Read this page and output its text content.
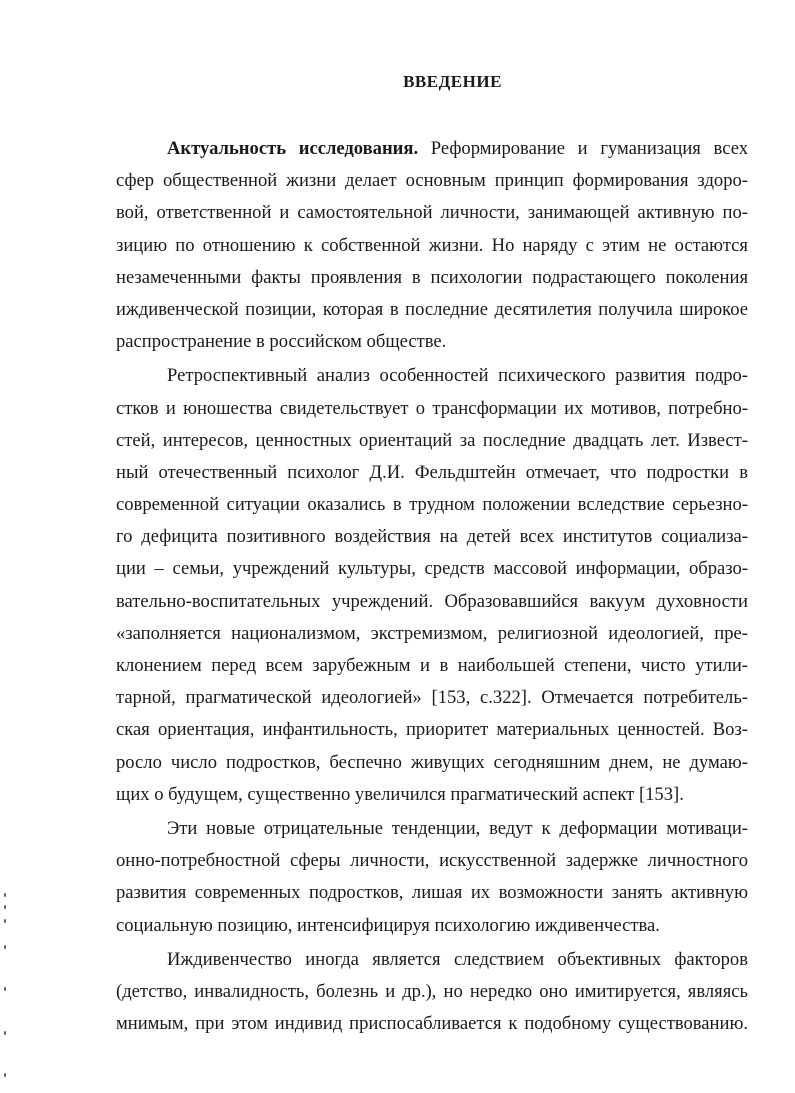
ВВЕДЕНИЕ
Актуальность исследования. Реформирование и гуманизация всех
сфер общественной жизни делает основным принцип формирования здоро-
вой, ответственной и самостоятельной личности, занимающей активную по-
зицию по отношению к собственной жизни. Но наряду с этим не остаются
незамеченными факты проявления в психологии подрастающего поколения
иждивенческой позиции, которая в последние десятилетия получила широкое
распространение в российском обществе.
Ретроспективный анализ особенностей психического развития подро-
стков и юношества свидетельствует о трансформации их мотивов, потребно-
стей, интересов, ценностных ориентаций за последние двадцать лет. Извест-
ный отечественный психолог Д.И. Фельдштейн отмечает, что подростки в
современной ситуации оказались в трудном положении вследствие серьезно-
го дефицита позитивного воздействия на детей всех институтов социализа-
ции – семьи, учреждений культуры, средств массовой информации, образо-
вательно-воспитательных учреждений. Образовавшийся вакуум духовности
«заполняется национализмом, экстремизмом, религиозной идеологией, пре-
клонением перед всем зарубежным и в наибольшей степени, чисто утили-
тарной, прагматической идеологией» [153, с.322]. Отмечается потребитель-
ская ориентация, инфантильность, приоритет материальных ценностей. Воз-
росло число подростков, беспечно живущих сегодняшним днем, не думаю-
щих о будущем, существенно увеличился прагматический аспект [153].
Эти новые отрицательные тенденции, ведут к деформации мотиваци-
онно-потребностной сферы личности, искусственной задержке личностного
развития современных подростков, лишая их возможности занять активную
социальную позицию, интенсифицируя психологию иждивенчества.
Иждивенчество иногда является следствием объективных факторов
(детство, инвалидность, болезнь и др.), но нередко оно имитируется, являясь
мнимым, при этом индивид приспосабливается к подобному существованию.
